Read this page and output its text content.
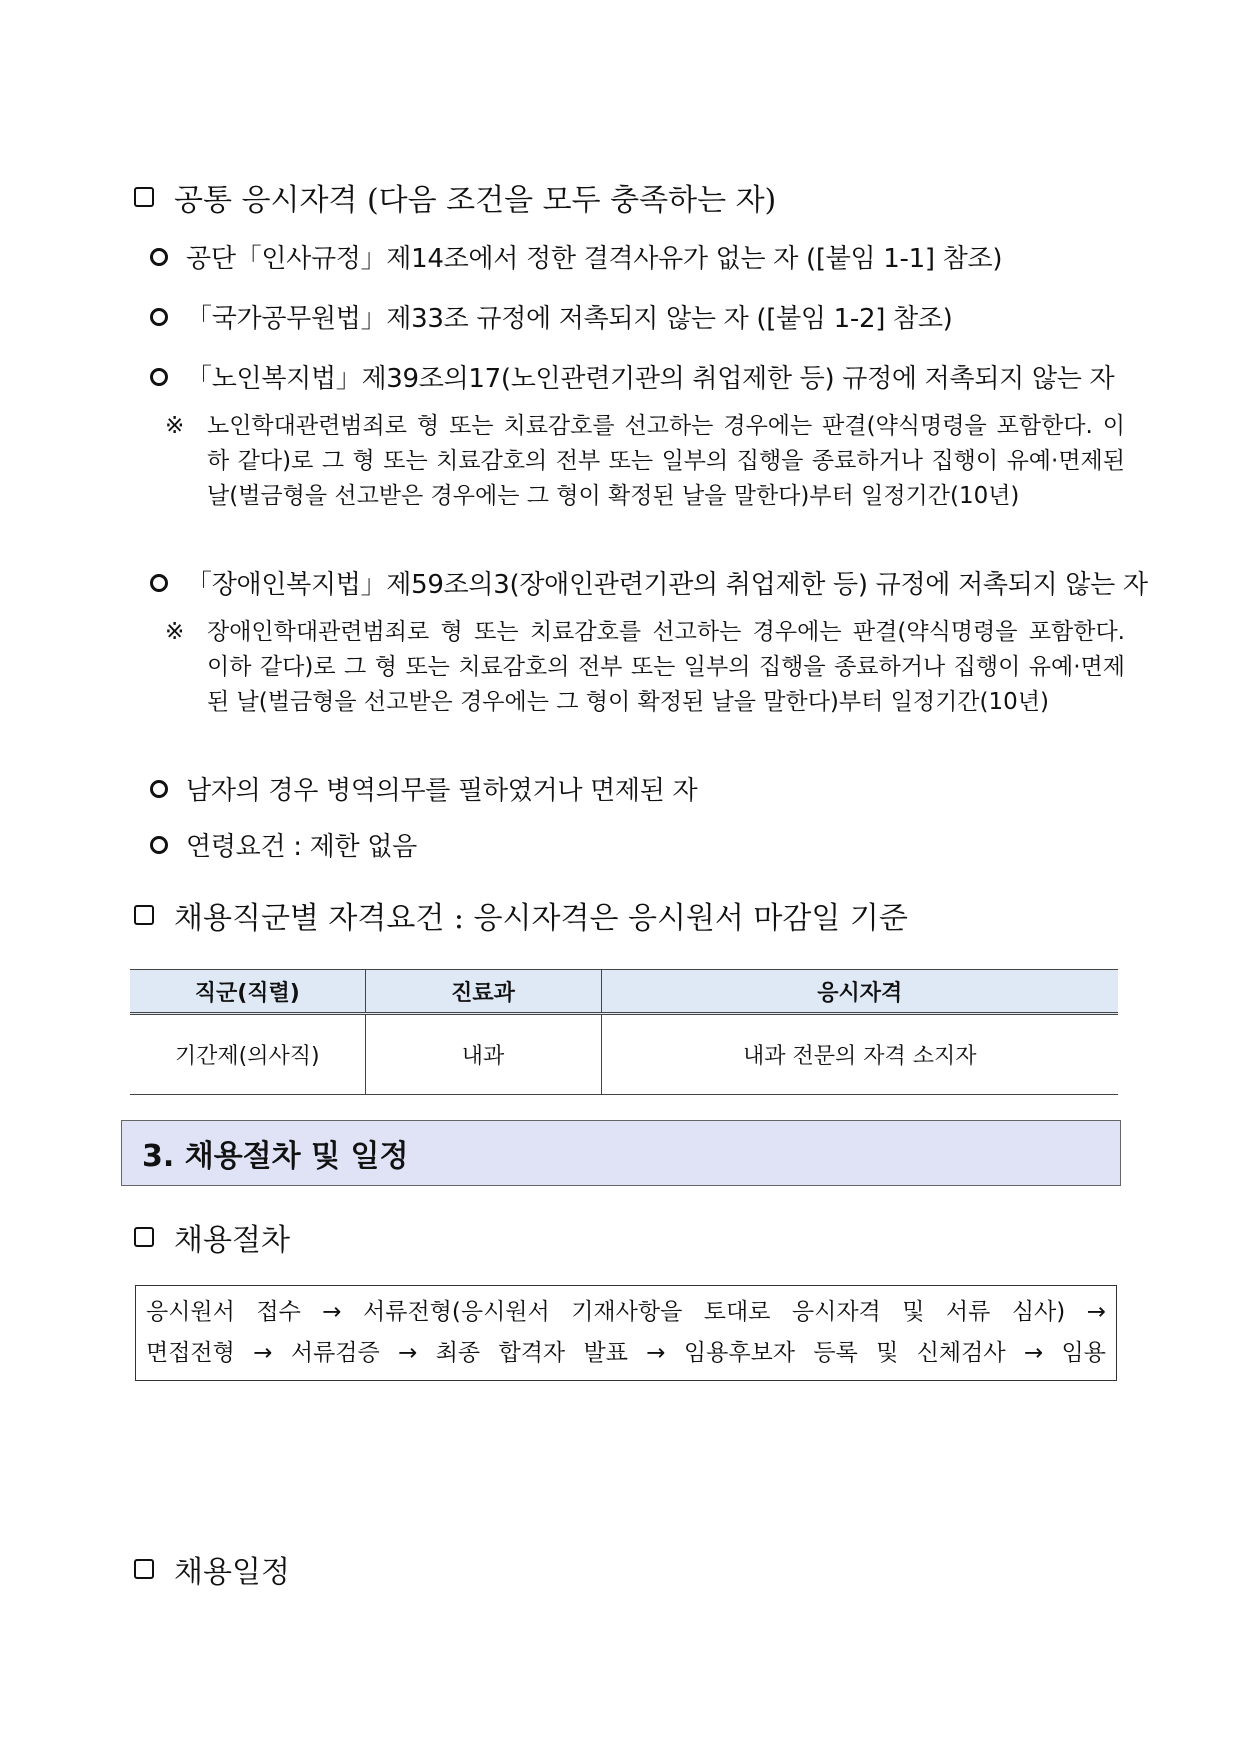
공통 응시자격 (다음 조건을 모두 충족하는 자)
공단「인사규정」제14조에서 정한 결격사유가 없는 자 ([붙임 1-1] 참조)
「국가공무원법」제33조 규정에 저촉되지 않는 자 ([붙임 1-2] 참조)
「노인복지법」제39조의17(노인관련기관의 취업제한 등) 규정에 저촉되지 않는 자
※ 노인학대관련범죄로 형 또는 치료감호를 선고하는 경우에는 판결(약식명령을 포함한다. 이하 같다)로 그 형 또는 치료감호의 전부 또는 일부의 집행을 종료하거나 집행이 유예·면제된 날(벌금형을 선고받은 경우에는 그 형이 확정된 날을 말한다)부터 일정기간(10년)
「장애인복지법」제59조의3(장애인관련기관의 취업제한 등) 규정에 저촉되지 않는 자
※ 장애인학대관련범죄로 형 또는 치료감호를 선고하는 경우에는 판결(약식명령을 포함한다. 이하 같다)로 그 형 또는 치료감호의 전부 또는 일부의 집행을 종료하거나 집행이 유예·면제된 날(벌금형을 선고받은 경우에는 그 형이 확정된 날을 말한다)부터 일정기간(10년)
남자의 경우 병역의무를 필하였거나 면제된 자
연령요건 : 제한 없음
채용직군별 자격요건 : 응시자격은 응시원서 마감일 기준
직군(직렬)	진료과	응시자격
기간제(의사직)	내과	내과 전문의 자격 소지자
3. 채용절차 및 일정
채용절차
응시원서 접수 → 서류전형(응시원서 기재사항을 토대로 응시자격 및 서류 심사) →
면접전형 → 서류검증 → 최종 합격자 발표 → 임용후보자 등록 및 신체검사 → 임용
채용일정
